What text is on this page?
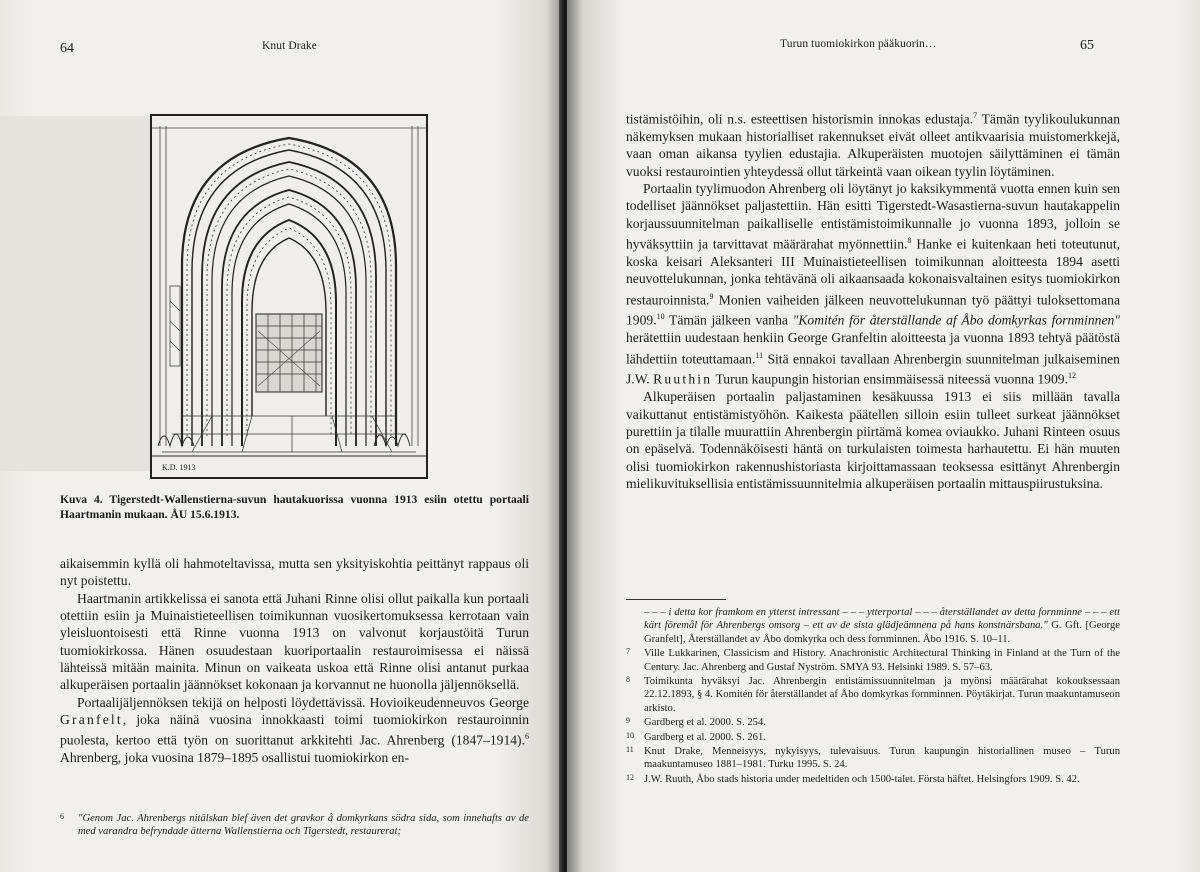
64	Knut Drake
K.D. 1913
Kuva 4. Tigerstedt-Wallenstierna-suvun hautakuorissa vuonna 1913 esiin otettu portaali Haartmanin mukaan. ÅU 15.6.1913.

aikaisemmin kyllä oli hahmoteltavissa, mutta sen yksityiskohtia peittänyt rappaus oli nyt poistettu.

Haartmanin artikkelissa ei sanota että Juhani Rinne olisi ollut paikalla kun portaali otettiin esiin ja Muinaistieteellisen toimikunnan vuosikertomuksessa kerrotaan vain yleisluontoisesti että Rinne vuonna 1913 on valvonut korjaustöitä Turun tuomiokirkossa. Hänen osuudestaan kuoriportaalin restauroimisessa ei näissä lähteissä mitään mainita. Minun on vaikeata uskoa että Rinne olisi antanut purkaa alkuperäisen portaalin jäännökset kokonaan ja korvannut ne huonolla jäljennöksellä.

Portaalijäljennöksen tekijä on helposti löydettävissä. Hovioikeudenneuvos George Granfelt, joka näinä vuosina innokkaasti toimi tuomiokirkon restauroinnin puolesta, kertoo että työn on suorittanut arkkitehti Jac. Ahrenberg (1847–1914).$^6$ Ahrenberg, joka vuosina 1879–1895 osallistui tuomiokirkon en-

6	"Genom Jac. Ahrenbergs nitälskan blef även det gravkor å domkyrkans södra sida, som innehafts av de med varandra befryndade ätterna Wallenstierna och Tigerstedt, restaurerat;
Turun tuomiokirkon pääkuorin…	65

tistämistöihin, oli n.s. esteettisen historismin innokas edustaja.$^7$ Tämän tyylikoulukunnan näkemyksen mukaan historialliset rakennukset eivät olleet antikvaarisia muistomerkkejä, vaan oman aikansa tyylien edustajia. Alkuperäisten muotojen säilyttäminen ei tämän vuoksi restaurointien yhteydessä ollut tärkeintä vaan oikean tyylin löytäminen.

Portaalin tyylimuodon Ahrenberg oli löytänyt jo kaksikymmentä vuotta ennen kuin sen todelliset jäännökset paljastettiin. Hän esitti Tigerstedt-Wasastierna-suvun hautakappelin korjaussuunnitelman paikalliselle entistämistoimikunnalle jo vuonna 1893, jolloin se hyväksyttiin ja tarvittavat määrärahat myönnettiin.$^8$ Hanke ei kuitenkaan heti toteutunut, koska keisari Aleksanteri III Muinaistieteellisen toimikunnan aloitteesta 1894 asetti neuvottelukunnan, jonka tehtävänä oli aikaansaada kokonaisvaltainen esitys tuomiokirkon restauroinnista.$^9$ Monien vaiheiden jälkeen neuvottelukunnan työ päättyi tuloksettomana 1909.10 Tämän jälkeen vanha "Komitén för återställande af Åbo domkyrkas fornminnen" herätettiin uudestaan henkiin George Granfeltin aloitteesta ja vuonna 1893 tehtyä päätöstä lähdettiin toteuttamaan.$^{11}$ Sitä ennakoi tavallaan Ahrenbergin suunnitelman julkaiseminen J.W. Ruuthin Turun kaupungin historian ensimmäisessä niteessä vuonna 1909.12

Alkuperäisen portaalin paljastaminen kesäkuussa 1913 ei siis millään tavalla vaikuttanut entistämistyöhön. Kaikesta päätellen silloin esiin tulleet surkeat jäännökset purettiin ja tilalle muurattiin Ahrenbergin piirtämä komea oviaukko. Juhani Rinteen osuus on epäselvä. Todennäköisesti häntä on turkulaisten toimesta harhautettu. Ei hän muuten olisi tuomiokirkon rakennushistoriasta kirjoittamassaan teoksessa esittänyt Ahrenbergin mielikuvituksellisia entistämissuunnitelmia alkuperäisen portaalin mittauspiirustuksina.

– – – i detta kor framkom en ytterst intressant – – – ytterportal – – – återställandet av detta fornminne – – – ett kärt föremål för Ahrenbergs omsorg – ett av de sista glädjeämnena på hans konstnärsbana." G. Gft. [George Granfelt], Återställandet av Åbo domkyrka och dess fornminnen. Åbo 1916. S. 10–11.
7	Ville Lukkarinen, Classicism and History. Anachronistic Architectural Thinking in Finland at the Turn of the Century. Jac. Ahrenberg and Gustaf Nyström. SMYA 93. Helsinki 1989. S. 57–63.
8	Toimikunta hyväksyi Jac. Ahrenbergin entistämissuunnitelman ja myönsi määrärahat kokouksessaan 22.12.1893, § 4. Komitén för återställandet af Åbo domkyrkas fornminnen. Pöytäkirjat. Turun maakuntamuseon arkisto.
9	Gardberg et al. 2000. S. 254.
10 Gardberg et al. 2000. S. 261.
11 Knut Drake, Menneisyys, nykyisyys, tulevaisuus. Turun kaupungin historiallinen museo – Turun maakuntamuseo 1881–1981. Turku 1995. S. 24.
12 J.W. Ruuth, Åbo stads historia under medeltiden och 1500-talet. Första häftet. Helsingfors 1909. S. 42.
